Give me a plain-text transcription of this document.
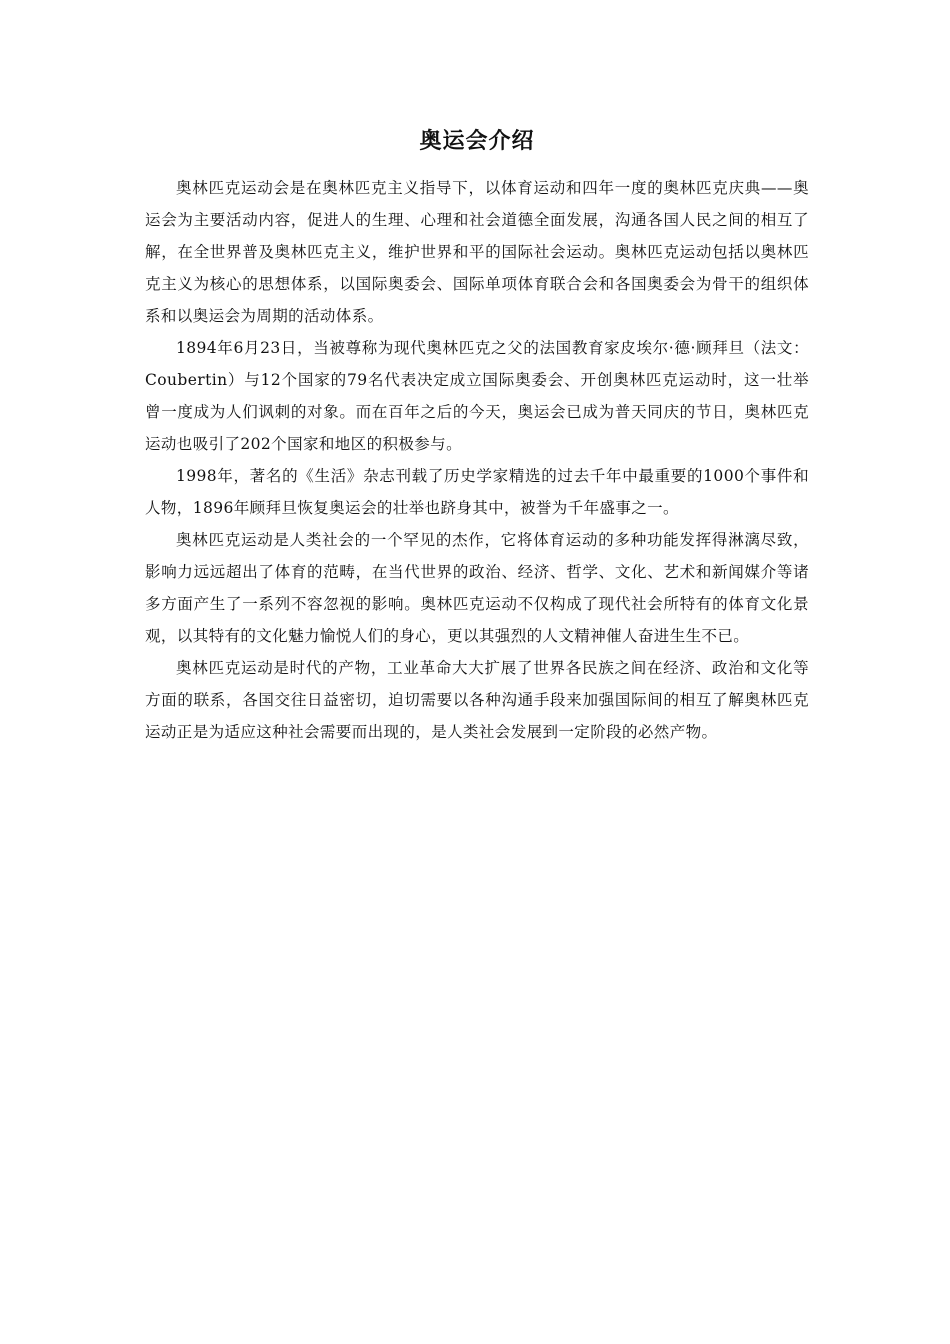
奥运会介绍

奥林匹克运动会是在奥林匹克主义指导下，以体育运动和四年一度的奥林匹克庆典——奥运会为主要活动内容，促进人的生理、心理和社会道德全面发展，沟通各国人民之间的相互了解，在全世界普及奥林匹克主义，维护世界和平的国际社会运动。奥林匹克运动包括以奥林匹克主义为核心的思想体系，以国际奥委会、国际单项体育联合会和各国奥委会为骨干的组织体系和以奥运会为周期的活动体系。

1894年6月23日，当被尊称为现代奥林匹克之父的法国教育家皮埃尔·德·顾拜旦（法文：Coubertin）与12个国家的79名代表决定成立国际奥委会、开创奥林匹克运动时，这一壮举曾一度成为人们讽刺的对象。而在百年之后的今天，奥运会已成为普天同庆的节日，奥林匹克运动也吸引了202个国家和地区的积极参与。

1998年，著名的《生活》杂志刊载了历史学家精选的过去千年中最重要的1000个事件和人物，1896年顾拜旦恢复奥运会的壮举也跻身其中，被誉为千年盛事之一。

奥林匹克运动是人类社会的一个罕见的杰作，它将体育运动的多种功能发挥得淋漓尽致，影响力远远超出了体育的范畴，在当代世界的政治、经济、哲学、文化、艺术和新闻媒介等诸多方面产生了一系列不容忽视的影响。奥林匹克运动不仅构成了现代社会所特有的体育文化景观，以其特有的文化魅力愉悦人们的身心，更以其强烈的人文精神催人奋进生生不已。

奥林匹克运动是时代的产物，工业革命大大扩展了世界各民族之间在经济、政治和文化等方面的联系，各国交往日益密切，迫切需要以各种沟通手段来加强国际间的相互了解奥林匹克运动正是为适应这种社会需要而出现的，是人类社会发展到一定阶段的必然产物。
